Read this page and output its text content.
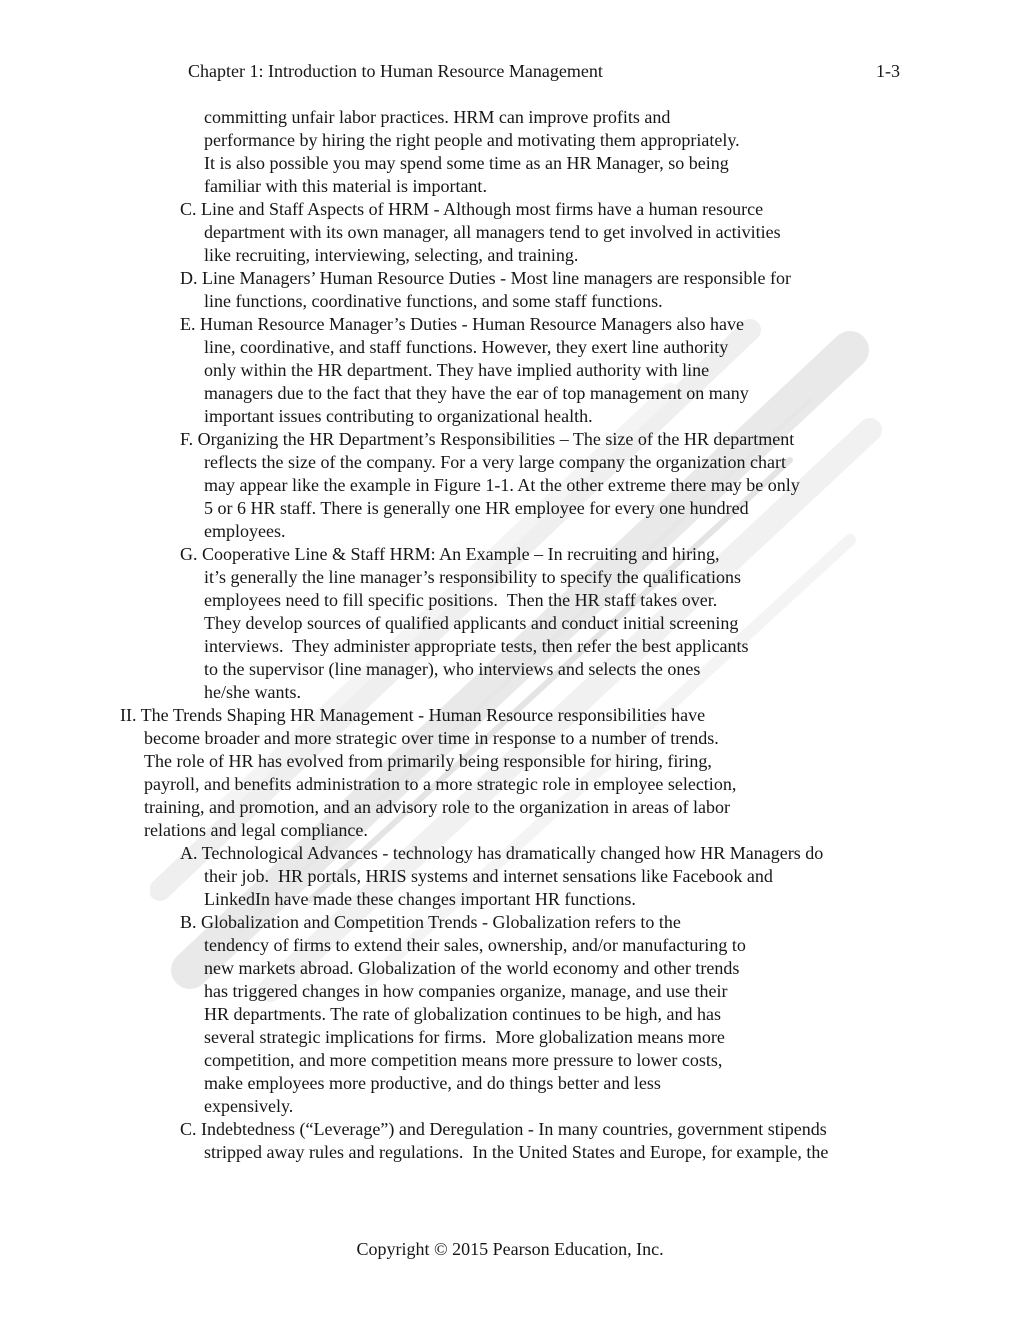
Chapter 1: Introduction to Human Resource Management	1-3
committing unfair labor practices. HRM can improve profits and
performance by hiring the right people and motivating them appropriately.
It is also possible you may spend some time as an HR Manager, so being
familiar with this material is important.
C. Line and Staff Aspects of HRM - Although most firms have a human resource
department with its own manager, all managers tend to get involved in activities
like recruiting, interviewing, selecting, and training.
D. Line Managers’ Human Resource Duties - Most line managers are responsible for
line functions, coordinative functions, and some staff functions.
E. Human Resource Manager’s Duties - Human Resource Managers also have
line, coordinative, and staff functions. However, they exert line authority
only within the HR department. They have implied authority with line
managers due to the fact that they have the ear of top management on many
important issues contributing to organizational health.
F. Organizing the HR Department’s Responsibilities – The size of the HR department
reflects the size of the company. For a very large company the organization chart
may appear like the example in Figure 1-1. At the other extreme there may be only
5 or 6 HR staff. There is generally one HR employee for every one hundred
employees.
G. Cooperative Line & Staff HRM: An Example – In recruiting and hiring,
it’s generally the line manager’s responsibility to specify the qualifications
employees need to fill specific positions.  Then the HR staff takes over.
They develop sources of qualified applicants and conduct initial screening
interviews.  They administer appropriate tests, then refer the best applicants
to the supervisor (line manager), who interviews and selects the ones
he/she wants.
II. The Trends Shaping HR Management - Human Resource responsibilities have
become broader and more strategic over time in response to a number of trends.
The role of HR has evolved from primarily being responsible for hiring, firing,
payroll, and benefits administration to a more strategic role in employee selection,
training, and promotion, and an advisory role to the organization in areas of labor
relations and legal compliance.
A. Technological Advances - technology has dramatically changed how HR Managers do
their job.  HR portals, HRIS systems and internet sensations like Facebook and
LinkedIn have made these changes important HR functions.
B. Globalization and Competition Trends - Globalization refers to the
tendency of firms to extend their sales, ownership, and/or manufacturing to
new markets abroad. Globalization of the world economy and other trends
has triggered changes in how companies organize, manage, and use their
HR departments. The rate of globalization continues to be high, and has
several strategic implications for firms.  More globalization means more
competition, and more competition means more pressure to lower costs,
make employees more productive, and do things better and less
expensively.
C. Indebtedness (“Leverage”) and Deregulation - In many countries, government stipends
stripped away rules and regulations.  In the United States and Europe, for example, the
Copyright © 2015 Pearson Education, Inc.
